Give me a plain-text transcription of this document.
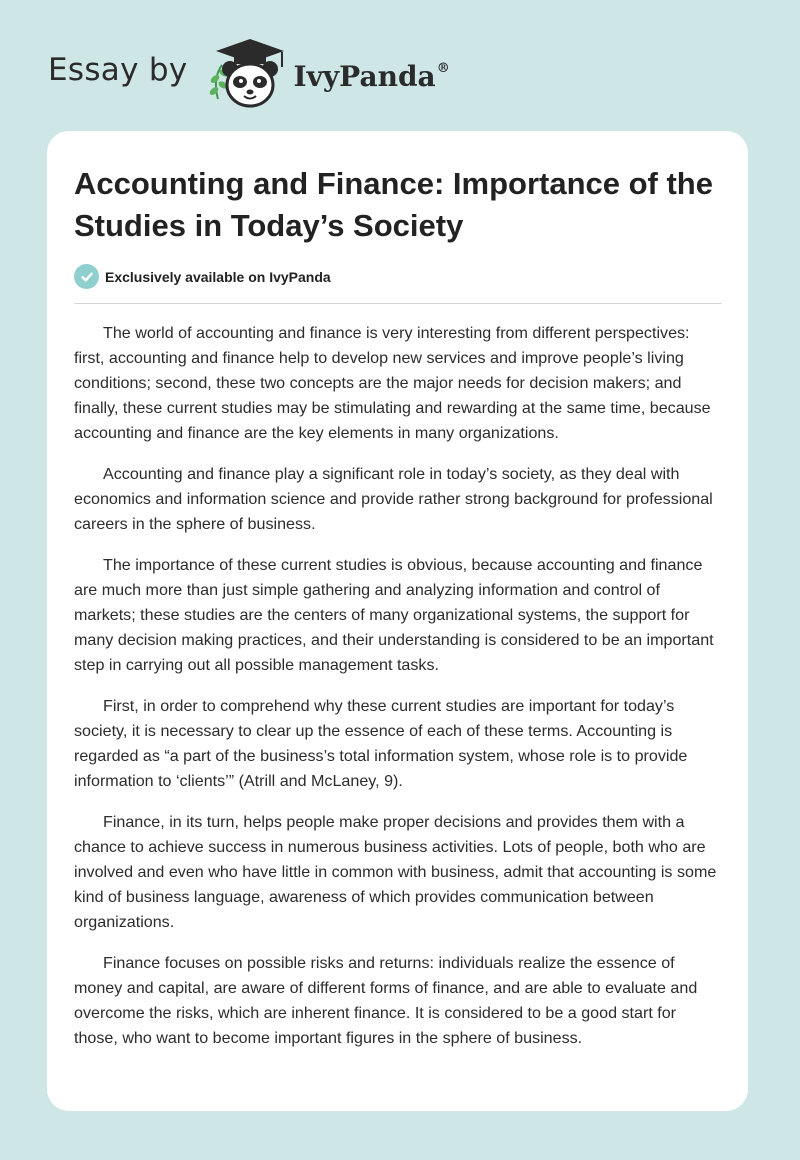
Essay by	IvyPanda®
Accounting and Finance: Importance of the Studies in Today’s Society
Exclusively available on IvyPanda

The world of accounting and finance is very interesting from different perspectives: first, accounting and finance help to develop new services and improve people’s living conditions; second, these two concepts are the major needs for decision makers; and finally, these current studies may be stimulating and rewarding at the same time, because accounting and finance are the key elements in many organizations.

Accounting and finance play a significant role in today’s society, as they deal with economics and information science and provide rather strong background for professional careers in the sphere of business.

The importance of these current studies is obvious, because accounting and finance are much more than just simple gathering and analyzing information and control of markets; these studies are the centers of many organizational systems, the support for many decision making practices, and their understanding is considered to be an important step in carrying out all possible management tasks.

First, in order to comprehend why these current studies are important for today’s society, it is necessary to clear up the essence of each of these terms. Accounting is regarded as “a part of the business’s total information system, whose role is to provide information to ‘clients’” (Atrill and McLaney, 9).

Finance, in its turn, helps people make proper decisions and provides them with a chance to achieve success in numerous business activities. Lots of people, both who are involved and even who have little in common with business, admit that accounting is some kind of business language, awareness of which provides communication between organizations.

Finance focuses on possible risks and returns: individuals realize the essence of money and capital, are aware of different forms of finance, and are able to evaluate and overcome the risks, which are inherent finance. It is considered to be a good start for those, who want to become important figures in the sphere of business.
